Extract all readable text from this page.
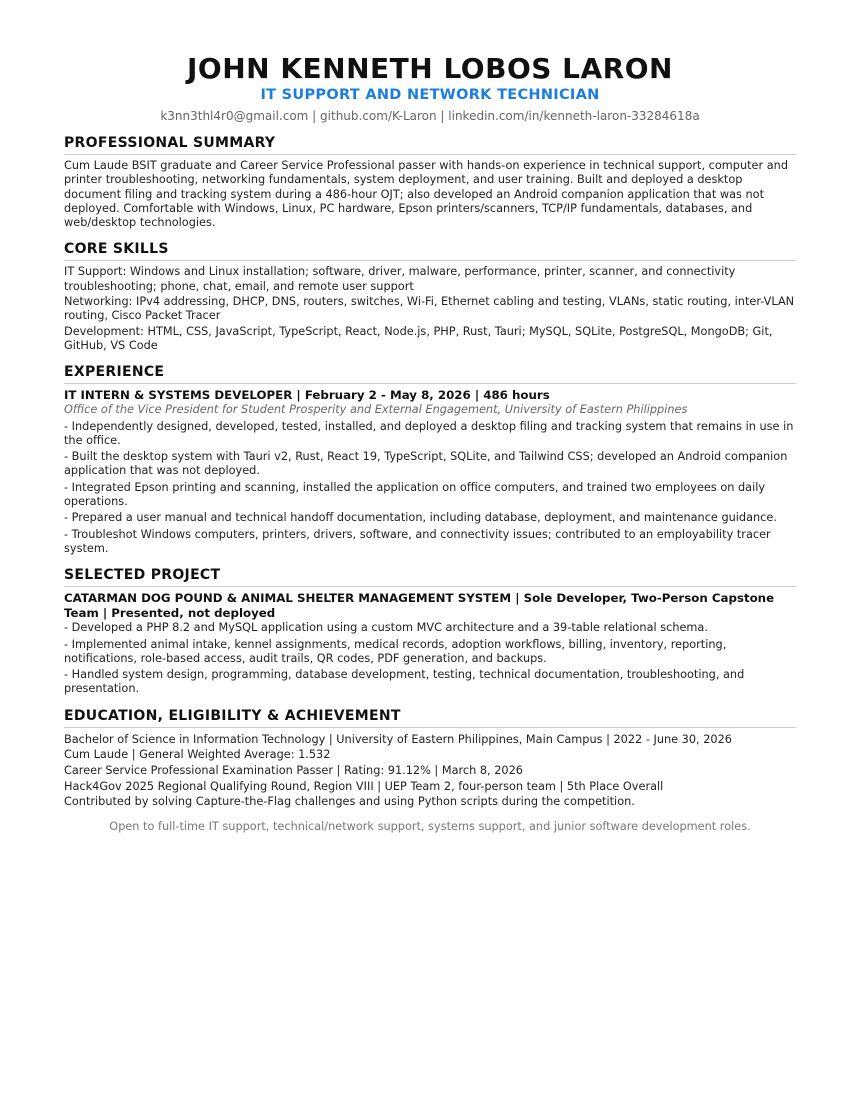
JOHN KENNETH LOBOS LARON
IT SUPPORT AND NETWORK TECHNICIAN
k3nn3thl4r0@gmail.com | github.com/K-Laron | linkedin.com/in/kenneth-laron-33284618a
PROFESSIONAL SUMMARY

Cum Laude BSIT graduate and Career Service Professional passer with hands-on experience in technical support, computer and printer troubleshooting, networking fundamentals, system deployment, and user training. Built and deployed a desktop document filing and tracking system during a 486-hour OJT; also developed an Android companion application that was not deployed. Comfortable with Windows, Linux, PC hardware, Epson printers/scanners, TCP/IP fundamentals, databases, and web/desktop technologies.

CORE SKILLS

IT Support: Windows and Linux installation; software, driver, malware, performance, printer, scanner, and connectivity troubleshooting; phone, chat, email, and remote user support

Networking: IPv4 addressing, DHCP, DNS, routers, switches, Wi-Fi, Ethernet cabling and testing, VLANs, static routing, inter-VLAN routing, Cisco Packet Tracer

Development: HTML, CSS, JavaScript, TypeScript, React, Node.js, PHP, Rust, Tauri; MySQL, SQLite, PostgreSQL, MongoDB; Git, GitHub, VS Code

EXPERIENCE
IT INTERN & SYSTEMS DEVELOPER | February 2 - May 8, 2026 | 486 hours
Office of the Vice President for Student Prosperity and External Engagement, University of Eastern Philippines

- Independently designed, developed, tested, installed, and deployed a desktop filing and tracking system that remains in use in the office.

- Built the desktop system with Tauri v2, Rust, React 19, TypeScript, SQLite, and Tailwind CSS; developed an Android companion application that was not deployed.

- Integrated Epson printing and scanning, installed the application on office computers, and trained two employees on daily operations.

- Prepared a user manual and technical handoff documentation, including database, deployment, and maintenance guidance.

- Troubleshot Windows computers, printers, drivers, software, and connectivity issues; contributed to an employability tracer system.

SELECTED PROJECT
CATARMAN DOG POUND & ANIMAL SHELTER MANAGEMENT SYSTEM | Sole Developer, Two-Person Capstone Team | Presented, not deployed

- Developed a PHP 8.2 and MySQL application using a custom MVC architecture and a 39-table relational schema.

- Implemented animal intake, kennel assignments, medical records, adoption workflows, billing, inventory, reporting, notifications, role-based access, audit trails, QR codes, PDF generation, and backups.

- Handled system design, programming, database development, testing, technical documentation, troubleshooting, and presentation.

EDUCATION, ELIGIBILITY & ACHIEVEMENT

Bachelor of Science in Information Technology | University of Eastern Philippines, Main Campus | 2022 - June 30, 2026

Cum Laude | General Weighted Average: 1.532

Career Service Professional Examination Passer | Rating: 91.12% | March 8, 2026

Hack4Gov 2025 Regional Qualifying Round, Region VIII | UEP Team 2, four-person team | 5th Place Overall

Contributed by solving Capture-the-Flag challenges and using Python scripts during the competition.

Open to full-time IT support, technical/network support, systems support, and junior software development roles.
